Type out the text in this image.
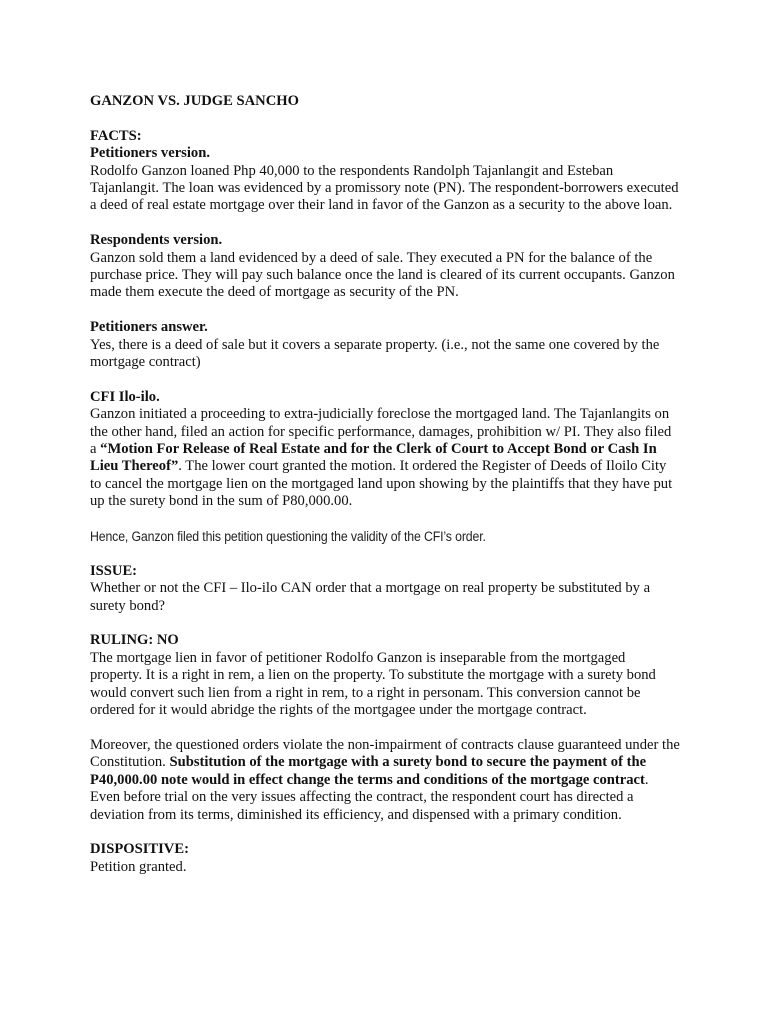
GANZON VS. JUDGE SANCHO

FACTS:

Petitioners version.

Rodolfo Ganzon loaned Php 40,000 to the respondents Randolph Tajanlangit and Esteban Tajanlangit. The loan was evidenced by a promissory note (PN). The respondent-borrowers executed a deed of real estate mortgage over their land in favor of the Ganzon as a security to the above loan.

Respondents version.

Ganzon sold them a land evidenced by a deed of sale. They executed a PN for the balance of the purchase price. They will pay such balance once the land is cleared of its current occupants. Ganzon made them execute the deed of mortgage as security of the PN.

Petitioners answer.

Yes, there is a deed of sale but it covers a separate property. (i.e., not the same one covered by the mortgage contract)

CFI Ilo-ilo.

Ganzon initiated a proceeding to extra-judicially foreclose the mortgaged land. The Tajanlangits on the other hand, filed an action for specific performance, damages, prohibition w/ PI. They also filed a “Motion For Release of Real Estate and for the Clerk of Court to Accept Bond or Cash In Lieu Thereof”. The lower court granted the motion. It ordered the Register of Deeds of Iloilo City to cancel the mortgage lien on the mortgaged land upon showing by the plaintiffs that they have put up the surety bond in the sum of P80,000.00.

Hence, Ganzon filed this petition questioning the validity of the CFI’s order.

ISSUE:

Whether or not the CFI – Ilo-ilo CAN order that a mortgage on real property be substituted by a surety bond?

RULING: NO

The mortgage lien in favor of petitioner Rodolfo Ganzon is inseparable from the mortgaged property. It is a right in rem, a lien on the property. To substitute the mortgage with a surety bond would convert such lien from a right in rem, to a right in personam. This conversion cannot be ordered for it would abridge the rights of the mortgagee under the mortgage contract.

Moreover, the questioned orders violate the non-impairment of contracts clause guaranteed under the Constitution. Substitution of the mortgage with a surety bond to secure the payment of the P40,000.00 note would in effect change the terms and conditions of the mortgage contract. Even before trial on the very issues affecting the contract, the respondent court has directed a deviation from its terms, diminished its efficiency, and dispensed with a primary condition.

DISPOSITIVE:

Petition granted.
